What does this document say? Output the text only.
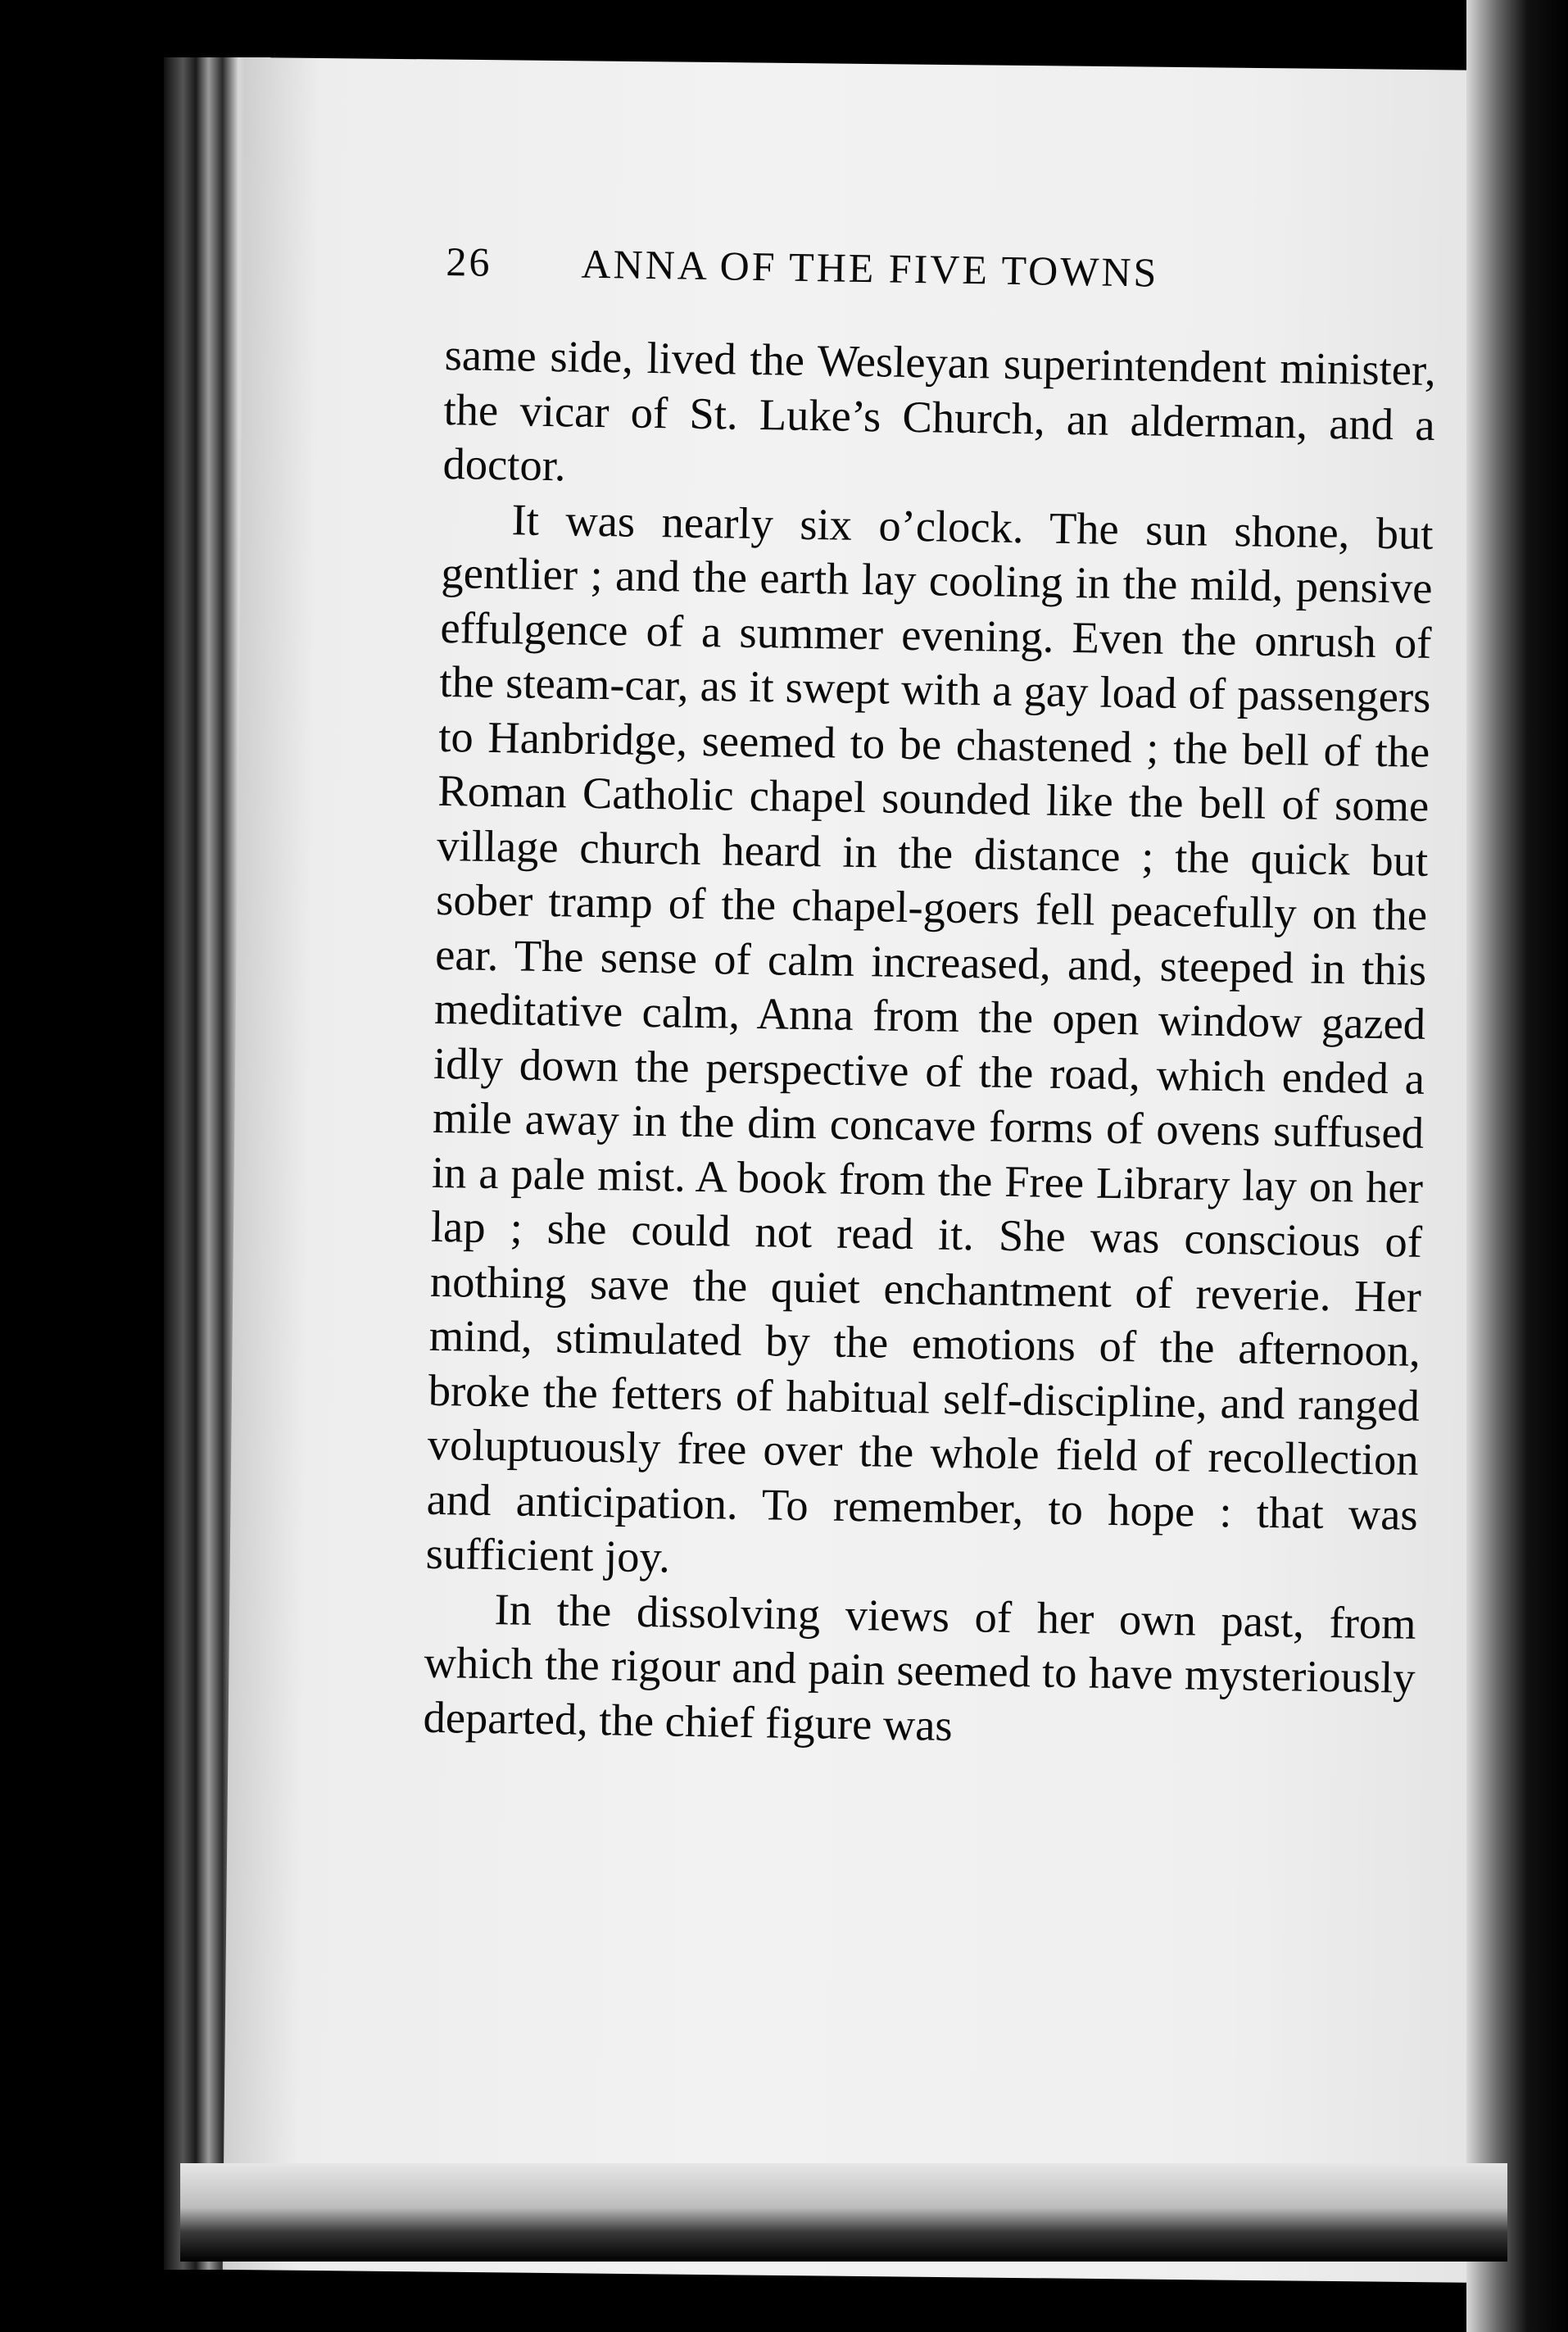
26	ANNA OF THE FIVE TOWNS

same side, lived the Wesleyan superintendent minister, the vicar of St. Luke’s Church, an alderman, and a doctor.

It was nearly six o’clock. The sun shone, but gentlier ; and the earth lay cooling in the mild, pensive effulgence of a summer evening. Even the onrush of the steam-car, as it swept with a gay load of passengers to Hanbridge, seemed to be chastened ; the bell of the Roman Catholic chapel sounded like the bell of some village church heard in the distance ; the quick but sober tramp of the chapel-goers fell peacefully on the ear. The sense of calm increased, and, steeped in this meditative calm, Anna from the open window gazed idly down the perspective of the road, which ended a mile away in the dim concave forms of ovens suffused in a pale mist. A book from the Free Library lay on her lap ; she could not read it. She was conscious of nothing save the quiet enchantment of reverie. Her mind, stimulated by the emotions of the afternoon, broke the fetters of habitual self-discipline, and ranged voluptuously free over the whole field of recollection and anticipation. To remember, to hope : that was sufficient joy.

In the dissolving views of her own past, from which the rigour and pain seemed to have mysteriously departed, the chief figure was
